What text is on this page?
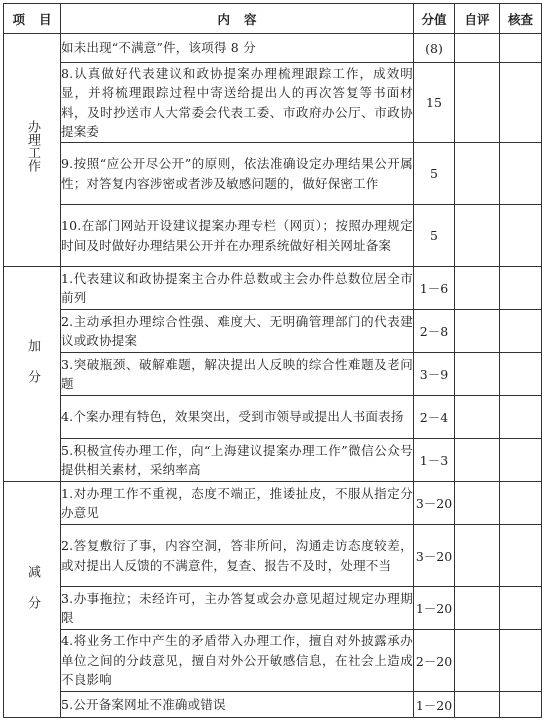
项目	内容	分值	自评	核查
办理工作	如未出现“不满意”件，该项得 8 分	(8)		
	8.认真做好代表建议和政协提案办理梳理跟踪工作，成效明显，并将梳理跟踪过程中寄送给提出人的再次答复等书面材料，及时抄送市人大常委会代表工委、市政府办公厅、市政协提案委	15		
	9.按照“应公开尽公开”的原则，依法准确设定办理结果公开属性；对答复内容涉密或者涉及敏感问题的，做好保密工作	5		
	10.在部门网站开设建议提案办理专栏（网页）；按照办理规定时间及时做好办理结果公开并在办理系统做好相关网址备案	5		
加分	1.代表建议和政协提案主合办件总数或主会办件总数位居全市前列	1－6		
	2.主动承担办理综合性强、难度大、无明确管理部门的代表建议或政协提案	2－8		
	3.突破瓶颈、破解难题，解决提出人反映的综合性难题及老问题	3－9		
	4.个案办理有特色，效果突出，受到市领导或提出人书面表扬	2－4		
	5.积极宣传办理工作，向“上海建议提案办理工作”微信公众号提供相关素材，采纳率高	1－3		
减分	1.对办理工作不重视，态度不端正，推诿扯皮，不服从指定分办意见	3－20		
	2.答复敷衍了事，内容空洞，答非所问，沟通走访态度较差，或对提出人反馈的不满意件，复查、报告不及时，处理不当	3－20		
	3.办事拖拉；未经许可，主办答复或会办意见超过规定办理期限	1－20		
	4.将业务工作中产生的矛盾带入办理工作，擅自对外披露承办单位之间的分歧意见，擅自对外公开敏感信息，在社会上造成不良影响	2－20		
	5.公开备案网址不准确或错误	1－20		
